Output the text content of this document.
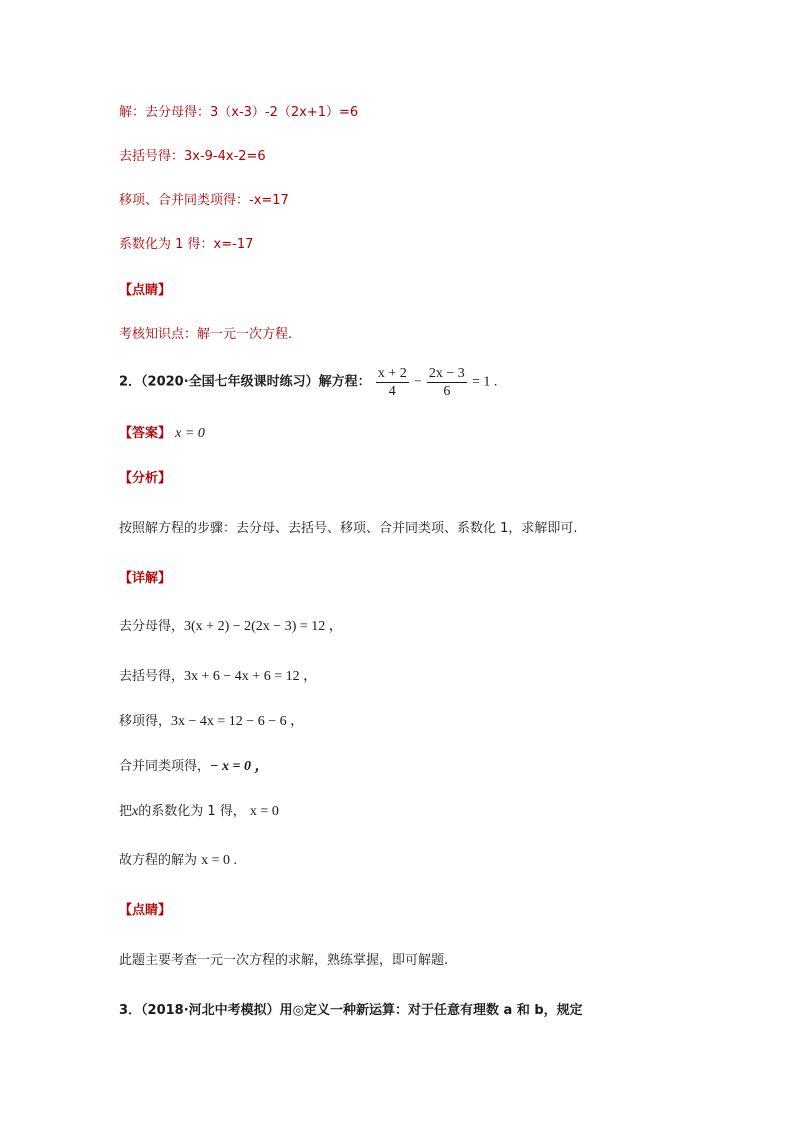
解：去分母得：3（x-3）-2（2x+1）=6
去括号得：3x-9-4x-2=6
移项、合并同类项得：-x=17
系数化为 1 得：x=-17
【点睛】
考核知识点：解一元一次方程.
2．（2020·全国七年级课时练习）解方程： $\frac{x + 2}{4} - \frac{2x - 3}{6} = 1$ .
【答案】 x = 0
【分析】
按照解方程的步骤：去分母、去括号、移项、合并同类项、系数化 1，求解即可.
【详解】
去分母得，3(x + 2) − 2(2x − 3) = 12 ，
去括号得，3x + 6 − 4x + 6 = 12 ，
移项得，3x − 4x = 12 − 6 − 6 ，
合并同类项得，− x = 0 ，
把x的系数化为 1 得， x = 0
故方程的解为 x = 0 .
【点睛】
此题主要考查一元一次方程的求解，熟练掌握，即可解题.
3．（2018·河北中考模拟）用◎定义一种新运算：对于任意有理数 a 和 b，规定
